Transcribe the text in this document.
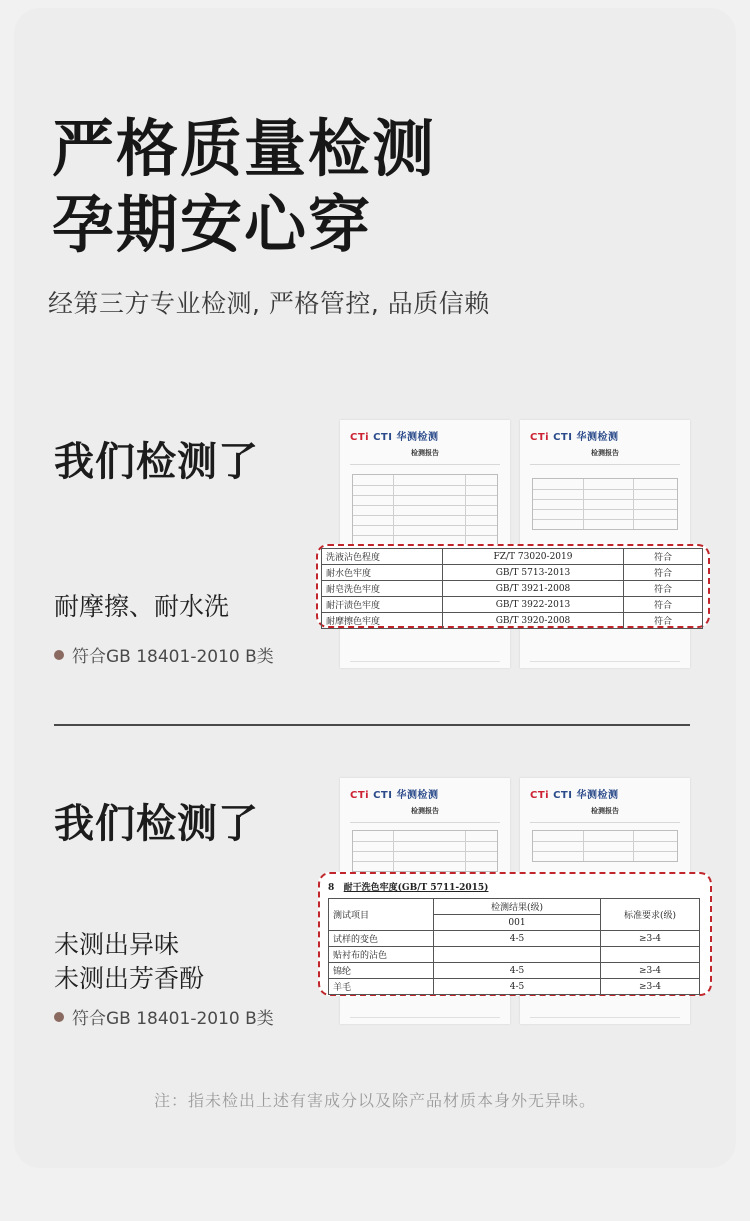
严格质量检测
孕期安心穿
经第三方专业检测, 严格管控, 品质信赖
我们检测了
耐摩擦、耐水洗
符合GB 18401-2010 B类
CTi CTI 华测检测
检测报告
CTi CTI 华测检测
检测报告
洗液沾色程度	FZ/T 73020-2019	符合
耐水色牢度	GB/T 5713-2013	符合
耐皂洗色牢度	GB/T 3921-2008	符合
耐汗渍色牢度	GB/T 3922-2013	符合
耐摩擦色牢度	GB/T 3920-2008	符合
我们检测了
未测出异味
未测出芳香酚
符合GB 18401-2010 B类
CTi CTI 华测检测
检测报告
CTi CTI 华测检测
检测报告
8 耐干洗色牢度(GB/T 5711-2015)
测试项目	检测结果(级)	标准要求(级)
	001	
试样的变色	4-5	≥3-4
贴衬布的沾色		
锦纶	4-5	≥3-4
羊毛	4-5	≥3-4
注：指未检出上述有害成分以及除产品材质本身外无异味。
